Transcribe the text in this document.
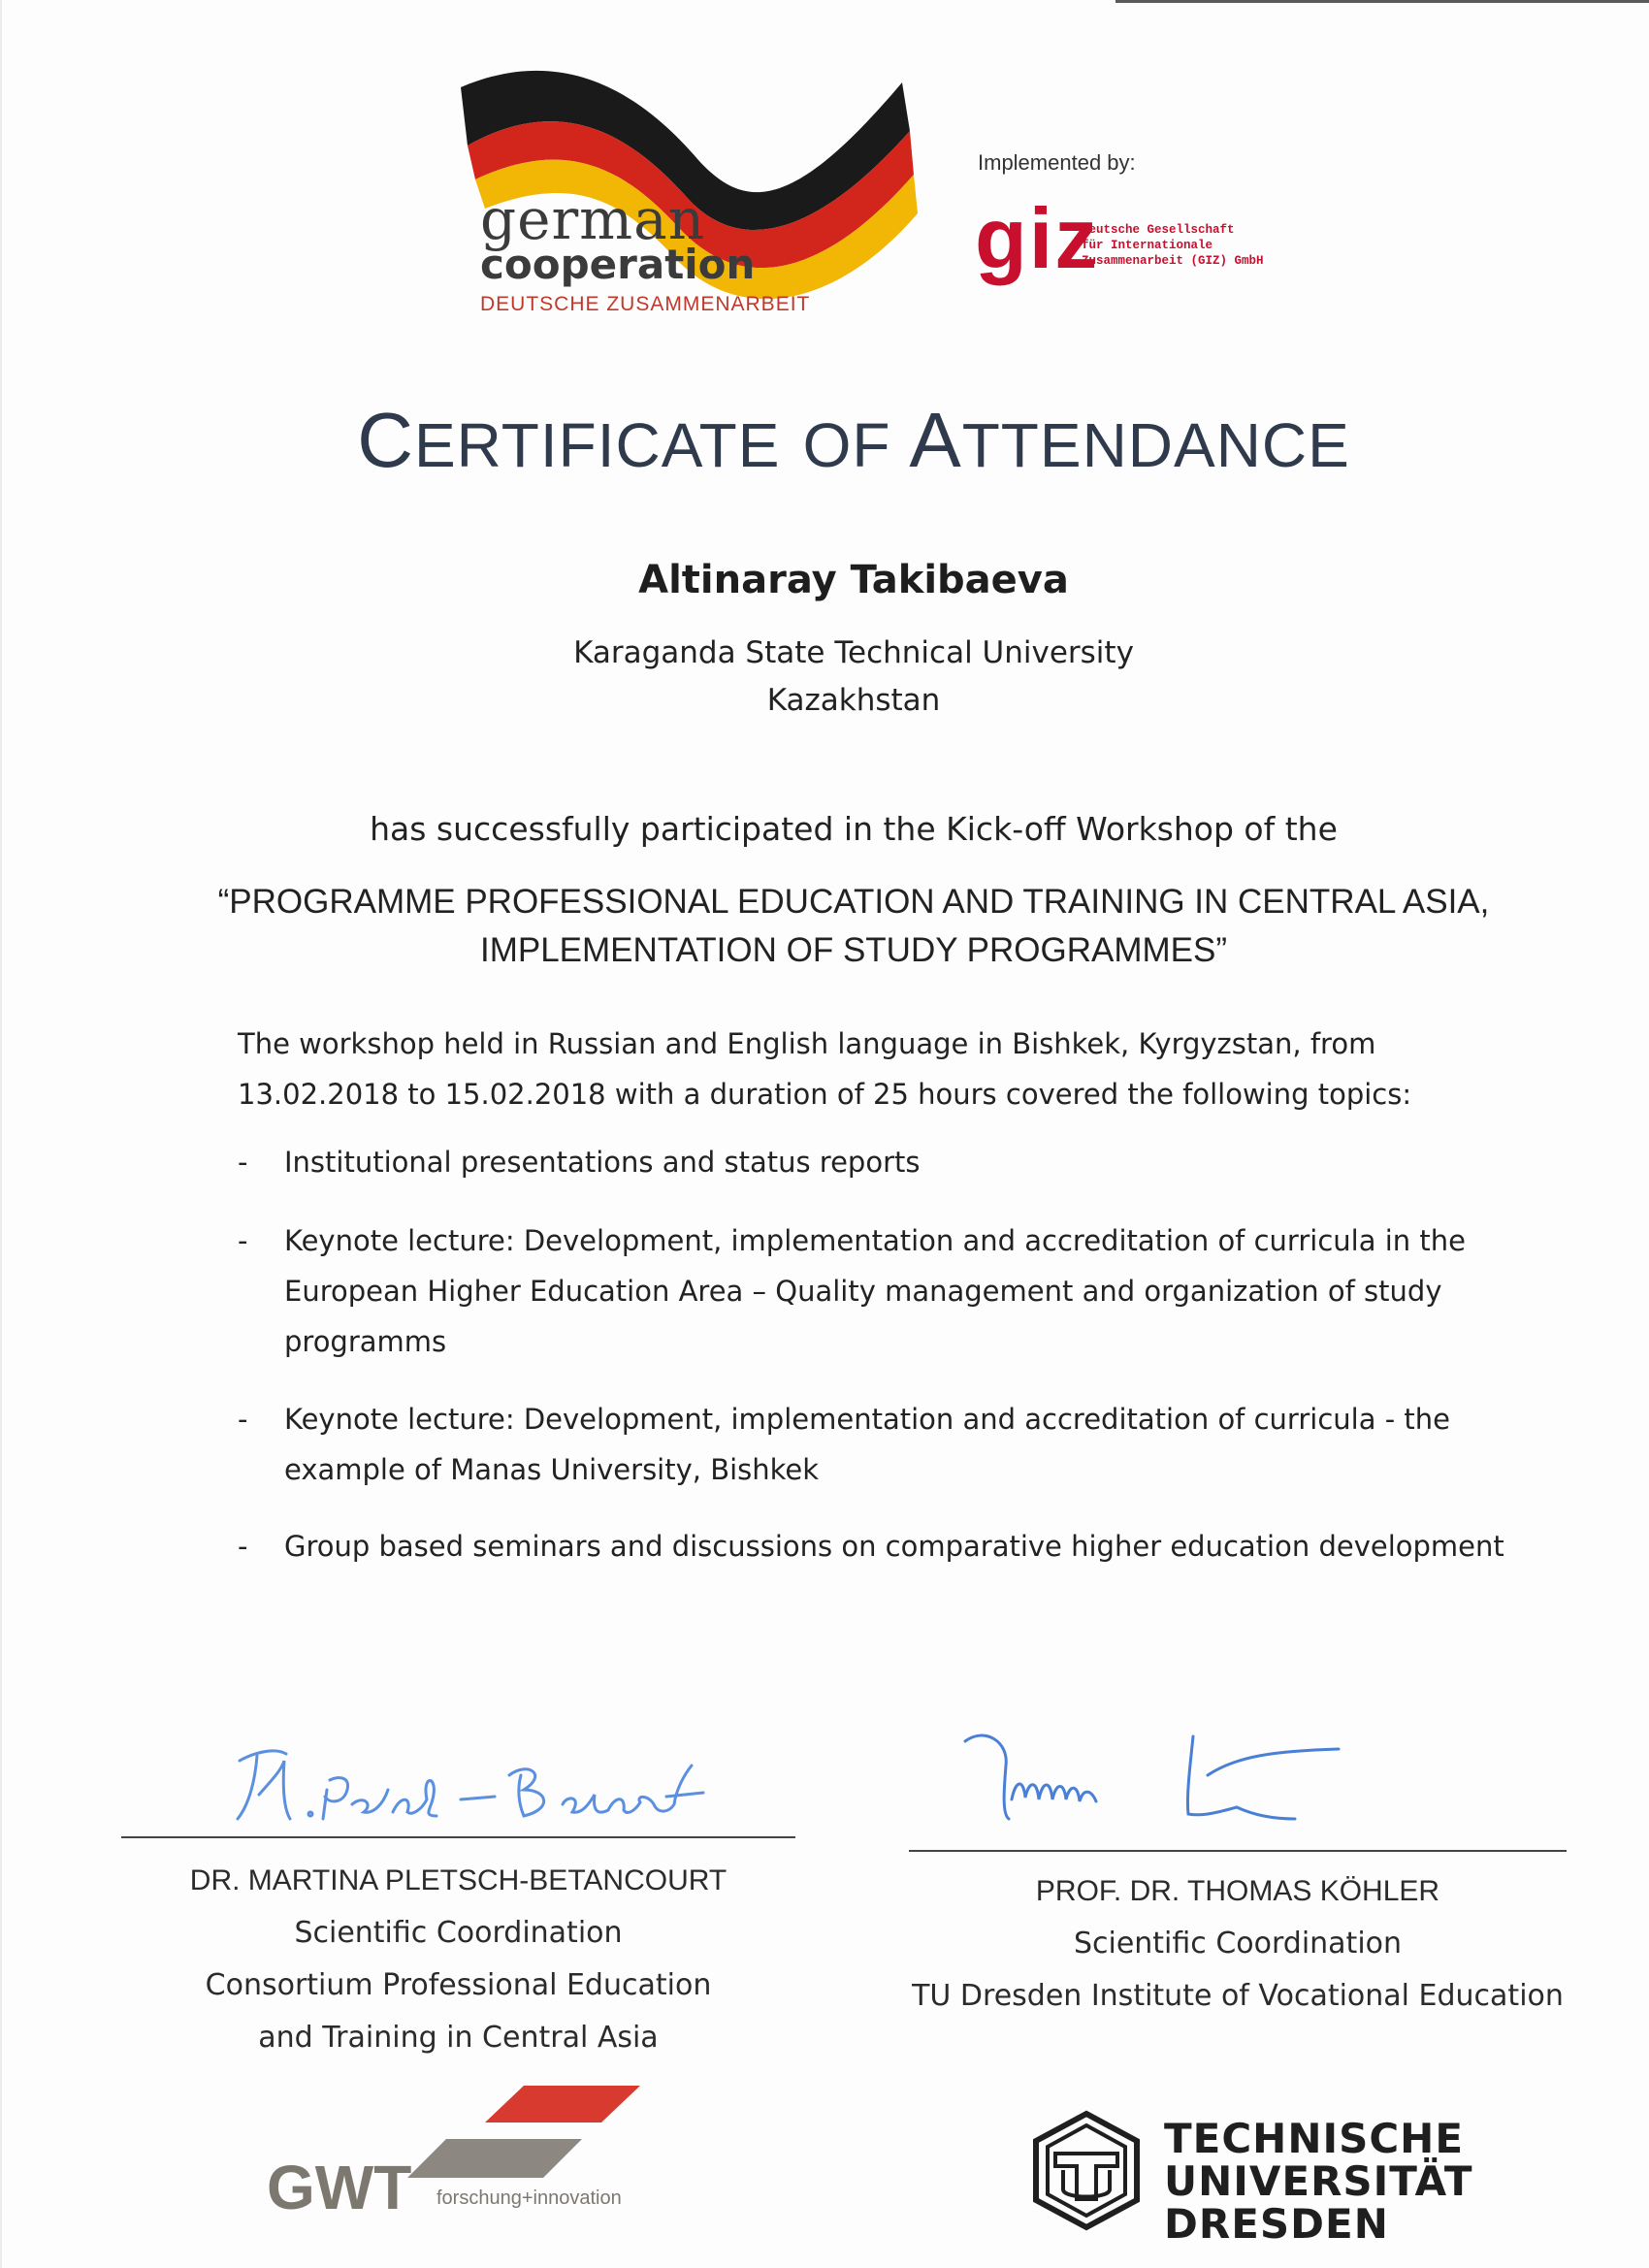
german
cooperation
DEUTSCHE ZUSAMMENARBEIT
Implemented by:
giz
Deutsche Gesellschaft
für Internationale
Zusammenarbeit (GIZ) GmbH
CERTIFICATE OF ATTENDANCE
Altinaray Takibaeva
Karaganda State Technical University
Kazakhstan
has successfully participated in the Kick-off Workshop of the
“PROGRAMME PROFESSIONAL EDUCATION AND TRAINING IN CENTRAL ASIA,
IMPLEMENTATION OF STUDY PROGRAMMES”
The workshop held in Russian and English language in Bishkek, Kyrgyzstan, from 13.02.2018 to 15.02.2018 with a duration of 25 hours covered the following topics:
- Institutional presentations and status reports
- Keynote lecture: Development, implementation and accreditation of curricula in the European Higher Education Area – Quality management and organization of study programms
- Keynote lecture: Development, implementation and accreditation of curricula - the example of Manas University, Bishkek
- Group based seminars and discussions on comparative higher education development
DR. MARTINA PLETSCH-BETANCOURT
Scientific Coordination
Consortium Professional Education
and Training in Central Asia
PROF. DR. THOMAS KÖHLER
Scientific Coordination
TU Dresden Institute of Vocational Education
GWT forschung+innovation
TECHNISCHE
UNIVERSITÄT
DRESDEN
